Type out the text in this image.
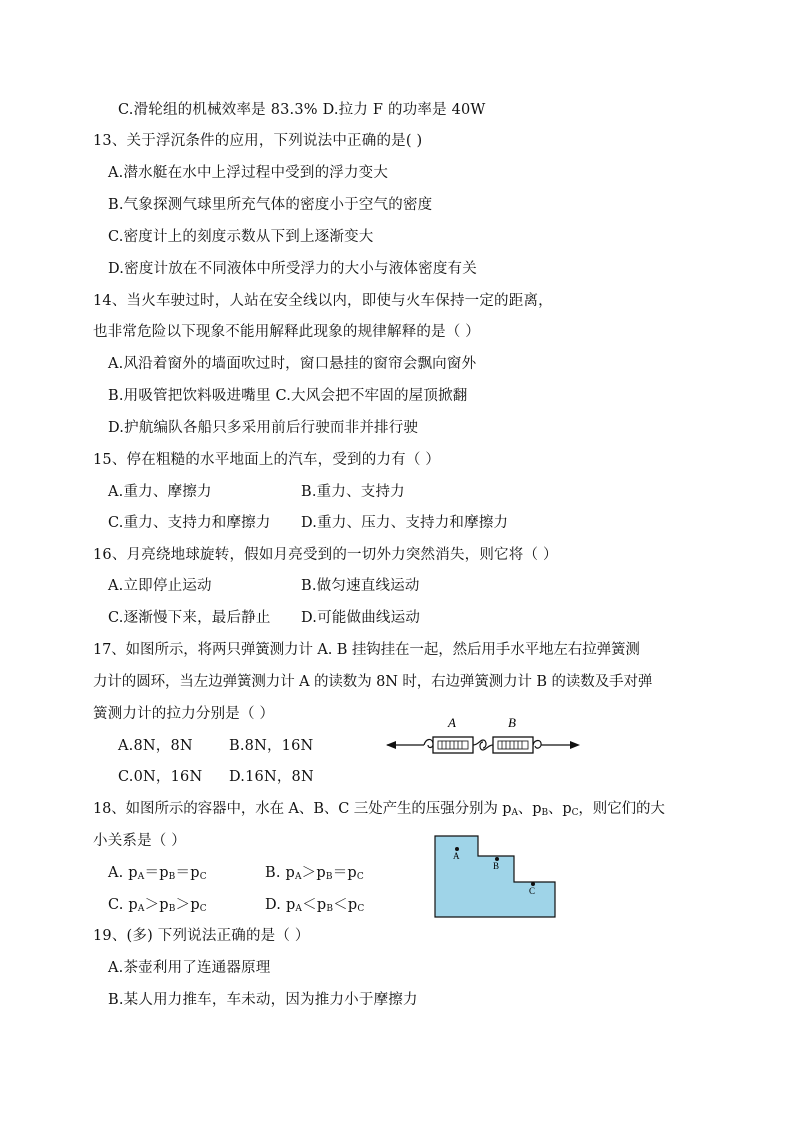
C.滑轮组的机械效率是 83.3% D.拉力 F 的功率是 40W
13、关于浮沉条件的应用，下列说法中正确的是( )
A.潜水艇在水中上浮过程中受到的浮力变大
B.气象探测气球里所充气体的密度小于空气的密度
C.密度计上的刻度示数从下到上逐渐变大
D.密度计放在不同液体中所受浮力的大小与液体密度有关
14、当火车驶过时，人站在安全线以内，即使与火车保持一定的距离，
也非常危险以下现象不能用解释此现象的规律解释的是（ ）
A.风沿着窗外的墙面吹过时，窗口悬挂的窗帘会飘向窗外
B.用吸管把饮料吸进嘴里 C.大风会把不牢固的屋顶掀翻
D.护航编队各船只多采用前后行驶而非并排行驶
15、停在粗糙的水平地面上的汽车，受到的力有（ ）
A.重力、摩擦力	B.重力、支持力
C.重力、支持力和摩擦力 D.重力、压力、支持力和摩擦力
16、月亮绕地球旋转，假如月亮受到的一切外力突然消失，则它将（ ）
A.立即停止运动	B.做匀速直线运动
C.逐渐慢下来，最后静止 D.可能做曲线运动
17、如图所示，将两只弹簧测力计 A. B 挂钩挂在一起，然后用手水平地左右拉弹簧测
力计的圆环，当左边弹簧测力计 A 的读数为 8N 时，右边弹簧测力计 B 的读数及手对弹
簧测力计的拉力分别是（ ）
A.8N，8N B.8N，16N
C.0N，16N D.16N，8N
A	B
18、如图所示的容器中，水在 A、B、C 三处产生的压强分别为 $p_A$、$p_B$、$p_C$，则它们的大
小关系是（ ）
A. $p_A=p_B=p_C$	B. $p_A>p_B=p_C$
C. $p_A>p_B>p_C$	D. $p_A<p_B<p_C$
A
B
C
19、(多) 下列说法正确的是（ ）
A.茶壶利用了连通器原理
B.某人用力推车，车未动，因为推力小于摩擦力
